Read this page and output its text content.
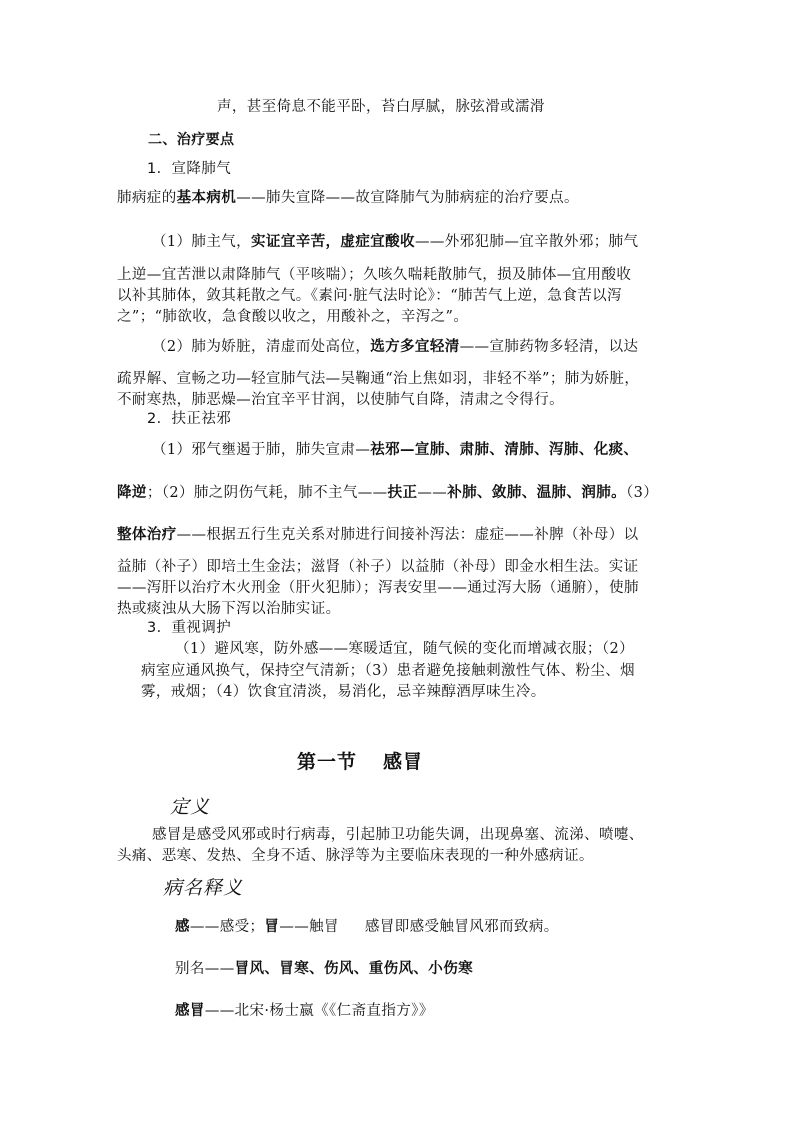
声，甚至倚息不能平卧，苔白厚腻，脉弦滑或濡滑
二、治疗要点
1．宣降肺气
肺病症的基本病机——肺失宣降——故宣降肺气为肺病症的治疗要点。
（1）肺主气，实证宜辛苦，虚症宜酸收——外邪犯肺—宜辛散外邪；肺气
上逆—宜苦泄以肃降肺气（平咳喘）；久咳久喘耗散肺气，损及肺体—宜用酸收
以补其肺体，敛其耗散之气。《素问·脏气法时论》：“肺苦气上逆，急食苦以泻
之”；“肺欲收，急食酸以收之，用酸补之，辛泻之”。
（2）肺为娇脏，清虚而处高位，选方多宜轻清——宣肺药物多轻清，以达
疏界解、宣畅之功—轻宣肺气法—吴鞠通“治上焦如羽，非轻不举”；肺为娇脏，
不耐寒热，肺恶燥—治宜辛平甘润，以使肺气自降，清肃之令得行。
2．扶正祛邪
（1）邪气壅遏于肺，肺失宣肃—祛邪—宣肺、肃肺、清肺、泻肺、化痰、
降逆；（2）肺之阴伤气耗，肺不主气——扶正——补肺、敛肺、温肺、润肺。（3）
整体治疗——根据五行生克关系对肺进行间接补泻法：虚症——补脾（补母）以
益肺（补子）即培土生金法；滋肾（补子）以益肺（补母）即金水相生法。实证
——泻肝以治疗木火刑金（肝火犯肺）；泻表安里——通过泻大肠（通腑），使肺
热或痰浊从大肠下泻以治肺实证。
3．重视调护
（1）避风寒，防外感——寒暖适宜，随气候的变化而增减衣服；（2）
病室应通风换气，保持空气清新；（3）患者避免接触刺激性气体、粉尘、烟
雾，戒烟；（4）饮食宜清淡，易消化，忌辛辣醇酒厚味生冷。
第一节 感冒
定义
感冒是感受风邪或时行病毒，引起肺卫功能失调，出现鼻塞、流涕、喷嚏、
头痛、恶寒、发热、全身不适、脉浮等为主要临床表现的一种外感病证。
病名释义
感——感受；冒——触冒 感冒即感受触冒风邪而致病。
别名——冒风、冒寒、伤风、重伤风、小伤寒
感冒——北宋·杨士嬴《《仁斋直指方》》
